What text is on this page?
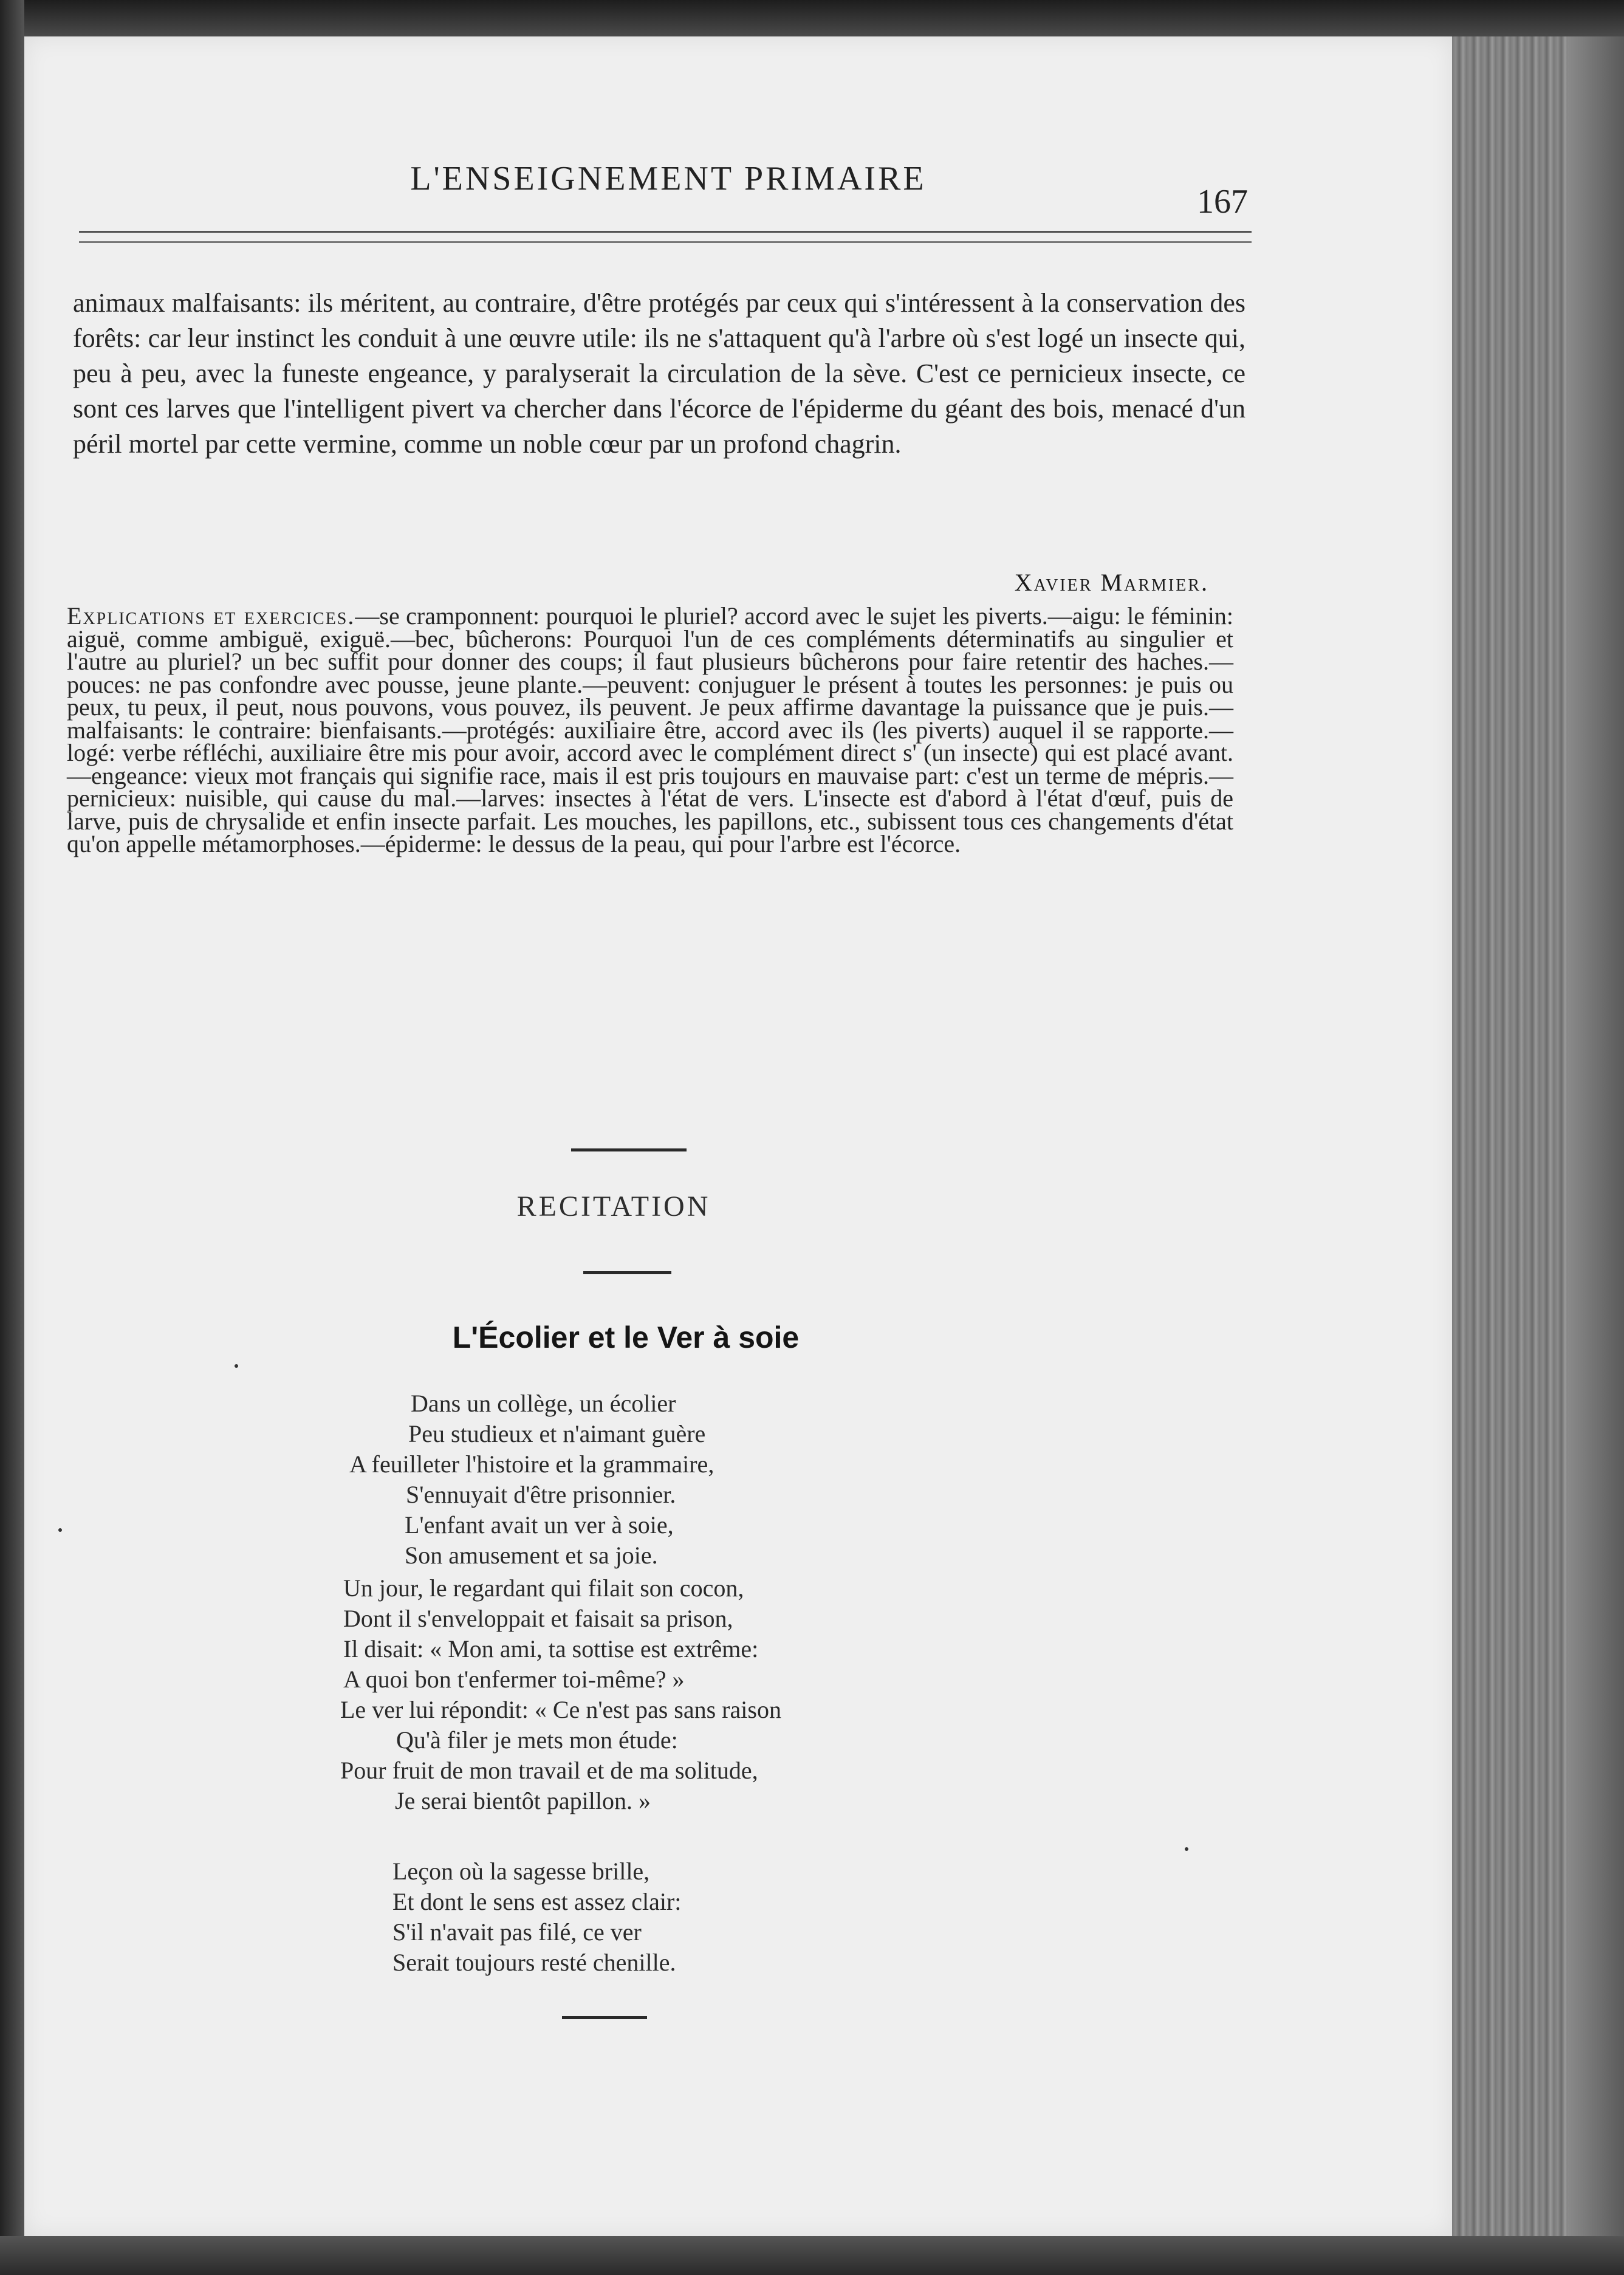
L'ENSEIGNEMENT PRIMAIRE
167

animaux malfaisants: ils méritent, au contraire, d'être protégés par ceux qui s'intéressent à la conservation des forêts: car leur instinct les conduit à une œuvre utile: ils ne s'attaquent qu'à l'arbre où s'est logé un insecte qui, peu à peu, avec la funeste engeance, y paralyserait la circulation de la sève. C'est ce pernicieux insecte, ce sont ces larves que l'intelligent pivert va chercher dans l'écorce de l'épiderme du géant des bois, menacé d'un péril mortel par cette vermine, comme un noble cœur par un profond chagrin.

Xavier Marmier.

Explications et exercices.—se cramponnent: pourquoi le pluriel? accord avec le sujet les piverts.—aigu: le féminin: aiguë, comme ambiguë, exiguë.—bec, bûcherons: Pourquoi l'un de ces compléments déterminatifs au singulier et l'autre au pluriel? un bec suffit pour donner des coups; il faut plusieurs bûcherons pour faire retentir des haches.—pouces: ne pas confondre avec pousse, jeune plante.—peuvent: conjuguer le présent à toutes les personnes: je puis ou peux, tu peux, il peut, nous pouvons, vous pouvez, ils peuvent. Je peux affirme davantage la puissance que je puis.—malfaisants: le contraire: bienfaisants.—protégés: auxiliaire être, accord avec ils (les piverts) auquel il se rapporte.—logé: verbe réfléchi, auxiliaire être mis pour avoir, accord avec le complément direct s' (un insecte) qui est placé avant.—engeance: vieux mot français qui signifie race, mais il est pris toujours en mauvaise part: c'est un terme de mépris.—pernicieux: nuisible, qui cause du mal.—larves: insectes à l'état de vers. L'insecte est d'abord à l'état d'œuf, puis de larve, puis de chrysalide et enfin insecte parfait. Les mouches, les papillons, etc., subissent tous ces changements d'état qu'on appelle métamorphoses.—épiderme: le dessus de la peau, qui pour l'arbre est l'écorce.

RECITATION
L'Écolier et le Ver à soie
Dans un collège, un écolier
Peu studieux et n'aimant guère
A feuilleter l'histoire et la grammaire,
S'ennuyait d'être prisonnier.
L'enfant avait un ver à soie,
Son amusement et sa joie.
Un jour, le regardant qui filait son cocon,
Dont il s'enveloppait et faisait sa prison,
Il disait: « Mon ami, ta sottise est extrême:
A quoi bon t'enfermer toi-même? »
Le ver lui répondit: « Ce n'est pas sans raison
Qu'à filer je mets mon étude:
Pour fruit de mon travail et de ma solitude,
Je serai bientôt papillon. »
Leçon où la sagesse brille,
Et dont le sens est assez clair:
S'il n'avait pas filé, ce ver
Serait toujours resté chenille.
